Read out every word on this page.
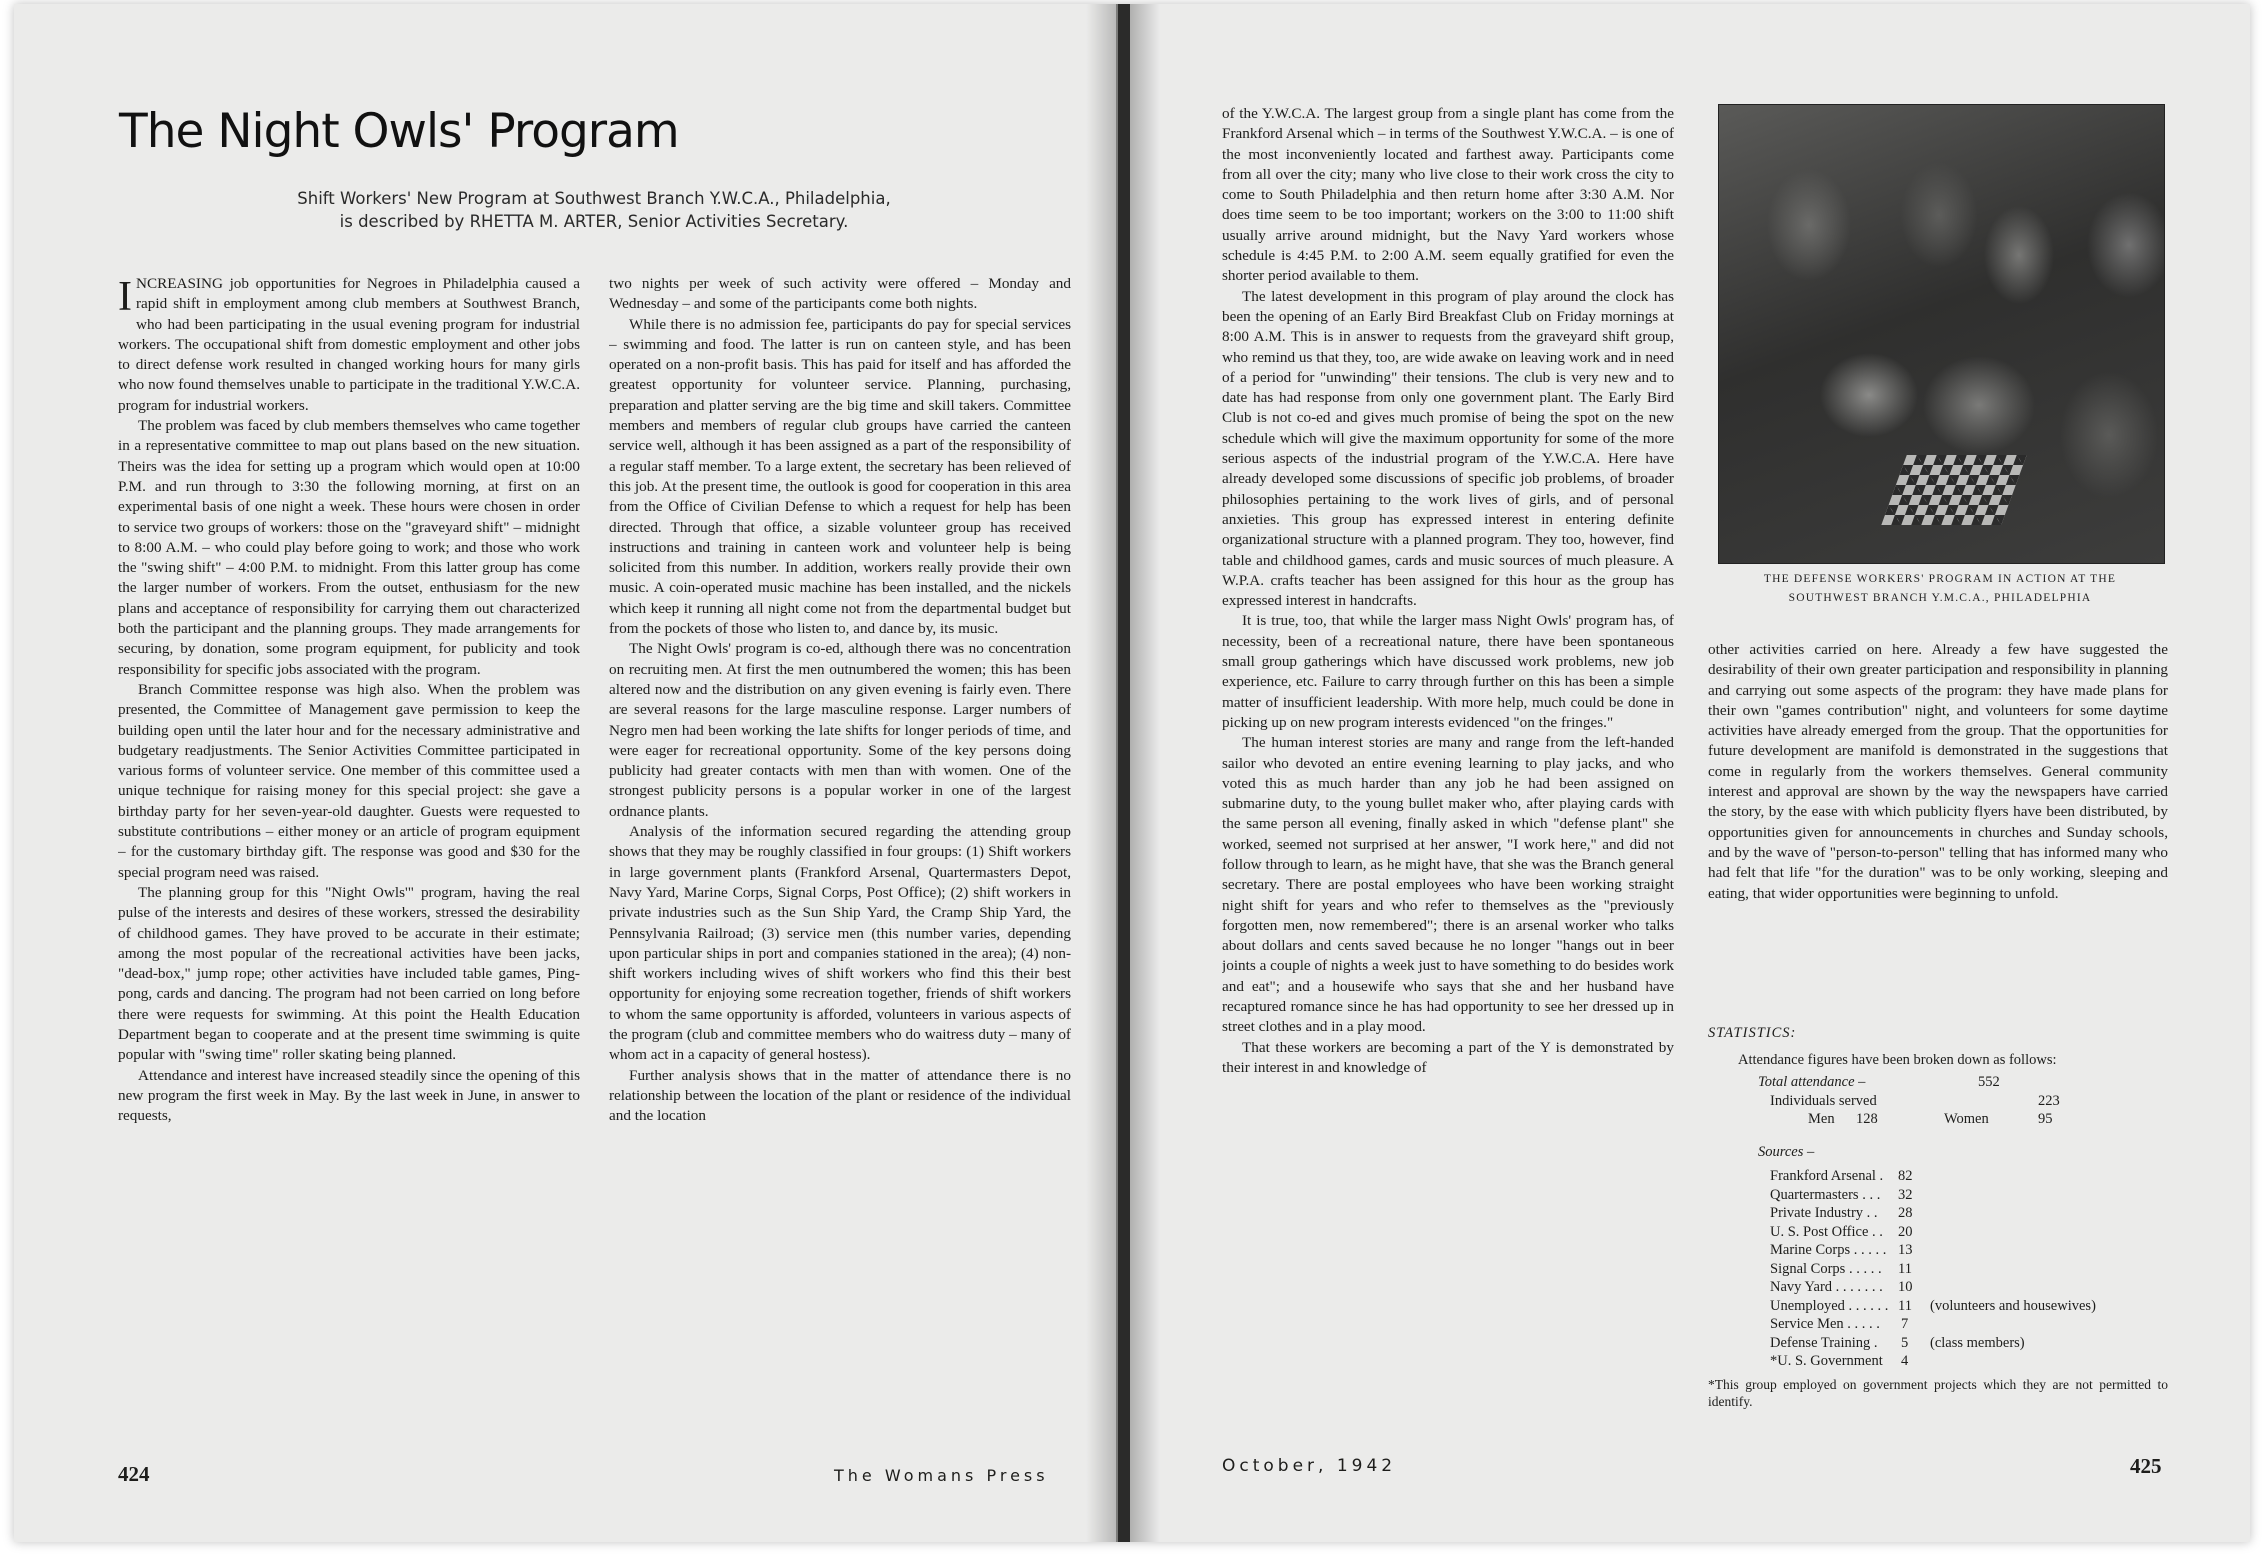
The Night Owls' Program
Shift Workers' New Program at Southwest Branch Y.W.C.A., Philadelphia,
is described by RHETTA M. ARTER, Senior Activities Secretary.

INCREASING job opportunities for Negroes in Philadelphia caused a rapid shift in employment among club members at Southwest Branch, who had been participating in the usual evening program for industrial workers. The occupational shift from domestic employment and other jobs to direct defense work resulted in changed working hours for many girls who now found themselves unable to participate in the traditional Y.W.C.A. program for industrial workers.

The problem was faced by club members themselves who came together in a representative committee to map out plans based on the new situation. Theirs was the idea for setting up a program which would open at 10:00 P.M. and run through to 3:30 the following morning, at first on an experimental basis of one night a week. These hours were chosen in order to service two groups of workers: those on the "graveyard shift" – midnight to 8:00 A.M. – who could play before going to work; and those who work the "swing shift" – 4:00 P.M. to midnight. From this latter group has come the larger number of workers. From the outset, enthusiasm for the new plans and acceptance of responsibility for carrying them out characterized both the participant and the planning groups. They made arrangements for securing, by donation, some program equipment, for publicity and took responsibility for specific jobs associated with the program.

Branch Committee response was high also. When the problem was presented, the Committee of Management gave permission to keep the building open until the later hour and for the necessary administrative and budgetary readjustments. The Senior Activities Committee participated in various forms of volunteer service. One member of this committee used a unique technique for raising money for this special project: she gave a birthday party for her seven-year-old daughter. Guests were requested to substitute contributions – either money or an article of program equipment – for the customary birthday gift. The response was good and $30 for the special program need was raised.

The planning group for this "Night Owls'" program, having the real pulse of the interests and desires of these workers, stressed the desirability of childhood games. They have proved to be accurate in their estimate; among the most popular of the recreational activities have been jacks, "dead-box," jump rope; other activities have included table games, Ping-pong, cards and dancing. The program had not been carried on long before there were requests for swimming. At this point the Health Education Department began to cooperate and at the present time swimming is quite popular with "swing time" roller skating being planned.

Attendance and interest have increased steadily since the opening of this new program the first week in May. By the last week in June, in answer to requests,

two nights per week of such activity were offered – Monday and Wednesday – and some of the participants come both nights.

While there is no admission fee, participants do pay for special services – swimming and food. The latter is run on canteen style, and has been operated on a non-profit basis. This has paid for itself and has afforded the greatest opportunity for volunteer service. Planning, purchasing, preparation and platter serving are the big time and skill takers. Committee members and members of regular club groups have carried the canteen service well, although it has been assigned as a part of the responsibility of a regular staff member. To a large extent, the secretary has been relieved of this job. At the present time, the outlook is good for cooperation in this area from the Office of Civilian Defense to which a request for help has been directed. Through that office, a sizable volunteer group has received instructions and training in canteen work and volunteer help is being solicited from this number. In addition, workers really provide their own music. A coin-operated music machine has been installed, and the nickels which keep it running all night come not from the departmental budget but from the pockets of those who listen to, and dance by, its music.

The Night Owls' program is co-ed, although there was no concentration on recruiting men. At first the men outnumbered the women; this has been altered now and the distribution on any given evening is fairly even. There are several reasons for the large masculine response. Larger numbers of Negro men had been working the late shifts for longer periods of time, and were eager for recreational opportunity. Some of the key persons doing publicity had greater contacts with men than with women. One of the strongest publicity persons is a popular worker in one of the largest ordnance plants.

Analysis of the information secured regarding the attending group shows that they may be roughly classified in four groups: (1) Shift workers in large government plants (Frankford Arsenal, Quartermasters Depot, Navy Yard, Marine Corps, Signal Corps, Post Office); (2) shift workers in private industries such as the Sun Ship Yard, the Cramp Ship Yard, the Pennsylvania Railroad; (3) service men (this number varies, depending upon particular ships in port and companies stationed in the area); (4) non-shift workers including wives of shift workers who find this their best opportunity for enjoying some recreation together, friends of shift workers to whom the same opportunity is afforded, volunteers in various aspects of the program (club and committee members who do waitress duty – many of whom act in a capacity of general hostess).

Further analysis shows that in the matter of attendance there is no relationship between the location of the plant or residence of the individual and the location

424	The Womans Press

of the Y.W.C.A. The largest group from a single plant has come from the Frankford Arsenal which – in terms of the Southwest Y.W.C.A. – is one of the most inconveniently located and farthest away. Participants come from all over the city; many who live close to their work cross the city to come to South Philadelphia and then return home after 3:30 A.M. Nor does time seem to be too important; workers on the 3:00 to 11:00 shift usually arrive around midnight, but the Navy Yard workers whose schedule is 4:45 P.M. to 2:00 A.M. seem equally gratified for even the shorter period available to them.

The latest development in this program of play around the clock has been the opening of an Early Bird Breakfast Club on Friday mornings at 8:00 A.M. This is in answer to requests from the graveyard shift group, who remind us that they, too, are wide awake on leaving work and in need of a period for "unwinding" their tensions. The club is very new and to date has had response from only one government plant. The Early Bird Club is not co-ed and gives much promise of being the spot on the new schedule which will give the maximum opportunity for some of the more serious aspects of the industrial program of the Y.W.C.A. Here have already developed some discussions of specific job problems, of broader philosophies pertaining to the work lives of girls, and of personal anxieties. This group has expressed interest in entering definite organizational structure with a planned program. They too, however, find table and childhood games, cards and music sources of much pleasure. A W.P.A. crafts teacher has been assigned for this hour as the group has expressed interest in handcrafts.

It is true, too, that while the larger mass Night Owls' program has, of necessity, been of a recreational nature, there have been spontaneous small group gatherings which have discussed work problems, new job experience, etc. Failure to carry through further on this has been a simple matter of insufficient leadership. With more help, much could be done in picking up on new program interests evidenced "on the fringes."

The human interest stories are many and range from the left-handed sailor who devoted an entire evening learning to play jacks, and who voted this as much harder than any job he had been assigned on submarine duty, to the young bullet maker who, after playing cards with the same person all evening, finally asked in which "defense plant" she worked, seemed not surprised at her answer, "I work here," and did not follow through to learn, as he might have, that she was the Branch general secretary. There are postal employees who have been working straight night shift for years and who refer to themselves as the "previously forgotten men, now remembered"; there is an arsenal worker who talks about dollars and cents saved because he no longer "hangs out in beer joints a couple of nights a week just to have something to do besides work and eat"; and a housewife who says that she and her husband have recaptured romance since he has had opportunity to see her dressed up in street clothes and in a play mood.

That these workers are becoming a part of the Y is demonstrated by their interest in and knowledge of

THE DEFENSE WORKERS' PROGRAM IN ACTION AT THE
SOUTHWEST BRANCH Y.M.C.A., PHILADELPHIA

other activities carried on here. Already a few have suggested the desirability of their own greater participation and responsibility in planning and carrying out some aspects of the program: they have made plans for their own "games contribution" night, and volunteers for some daytime activities have already emerged from the group. That the opportunities for future development are manifold is demonstrated in the suggestions that come in regularly from the workers themselves. General community interest and approval are shown by the way the newspapers have carried the story, by the ease with which publicity flyers have been distributed, by opportunities given for announcements in churches and Sunday schools, and by the wave of "person-to-person" telling that has informed many who had felt that life "for the duration" was to be only working, sleeping and eating, that wider opportunities were beginning to unfold.

STATISTICS:
Attendance figures have been broken down as follows:
Total attendance –	552
Individuals served	223
Men 128	Women	95
Sources –
Frankford Arsenal . 82
Quartermasters . . . 32
Private Industry . . 28
U. S. Post Office . . 20
Marine Corps . . . . . 13
Signal Corps . . . . . 11
Navy Yard . . . . . . . 10
Unemployed . . . . . . 11 (volunteers and housewives)
Service Men . . . . . 7
Defense Training . 5 (class members)
*U. S. Government 4
*This group employed on government projects which they are not permitted to identify.
October, 1942	425
